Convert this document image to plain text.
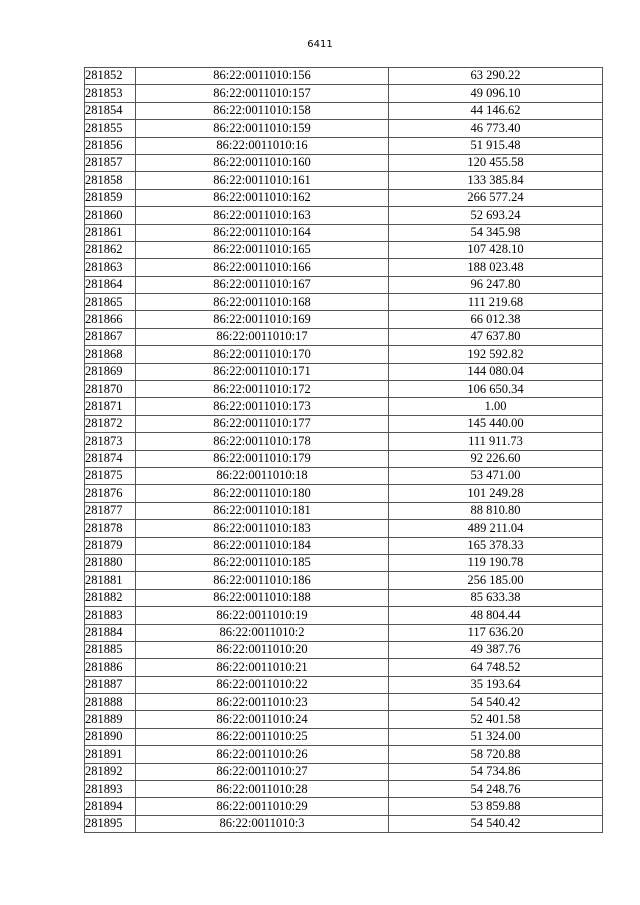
6411
281852	86:22:0011010:156	63 290.22
281853	86:22:0011010:157	49 096.10
281854	86:22:0011010:158	44 146.62
281855	86:22:0011010:159	46 773.40
281856	86:22:0011010:16	51 915.48
281857	86:22:0011010:160	120 455.58
281858	86:22:0011010:161	133 385.84
281859	86:22:0011010:162	266 577.24
281860	86:22:0011010:163	52 693.24
281861	86:22:0011010:164	54 345.98
281862	86:22:0011010:165	107 428.10
281863	86:22:0011010:166	188 023.48
281864	86:22:0011010:167	96 247.80
281865	86:22:0011010:168	111 219.68
281866	86:22:0011010:169	66 012.38
281867	86:22:0011010:17	47 637.80
281868	86:22:0011010:170	192 592.82
281869	86:22:0011010:171	144 080.04
281870	86:22:0011010:172	106 650.34
281871	86:22:0011010:173	1.00
281872	86:22:0011010:177	145 440.00
281873	86:22:0011010:178	111 911.73
281874	86:22:0011010:179	92 226.60
281875	86:22:0011010:18	53 471.00
281876	86:22:0011010:180	101 249.28
281877	86:22:0011010:181	88 810.80
281878	86:22:0011010:183	489 211.04
281879	86:22:0011010:184	165 378.33
281880	86:22:0011010:185	119 190.78
281881	86:22:0011010:186	256 185.00
281882	86:22:0011010:188	85 633.38
281883	86:22:0011010:19	48 804.44
281884	86:22:0011010:2	117 636.20
281885	86:22:0011010:20	49 387.76
281886	86:22:0011010:21	64 748.52
281887	86:22:0011010:22	35 193.64
281888	86:22:0011010:23	54 540.42
281889	86:22:0011010:24	52 401.58
281890	86:22:0011010:25	51 324.00
281891	86:22:0011010:26	58 720.88
281892	86:22:0011010:27	54 734.86
281893	86:22:0011010:28	54 248.76
281894	86:22:0011010:29	53 859.88
281895	86:22:0011010:3	54 540.42
